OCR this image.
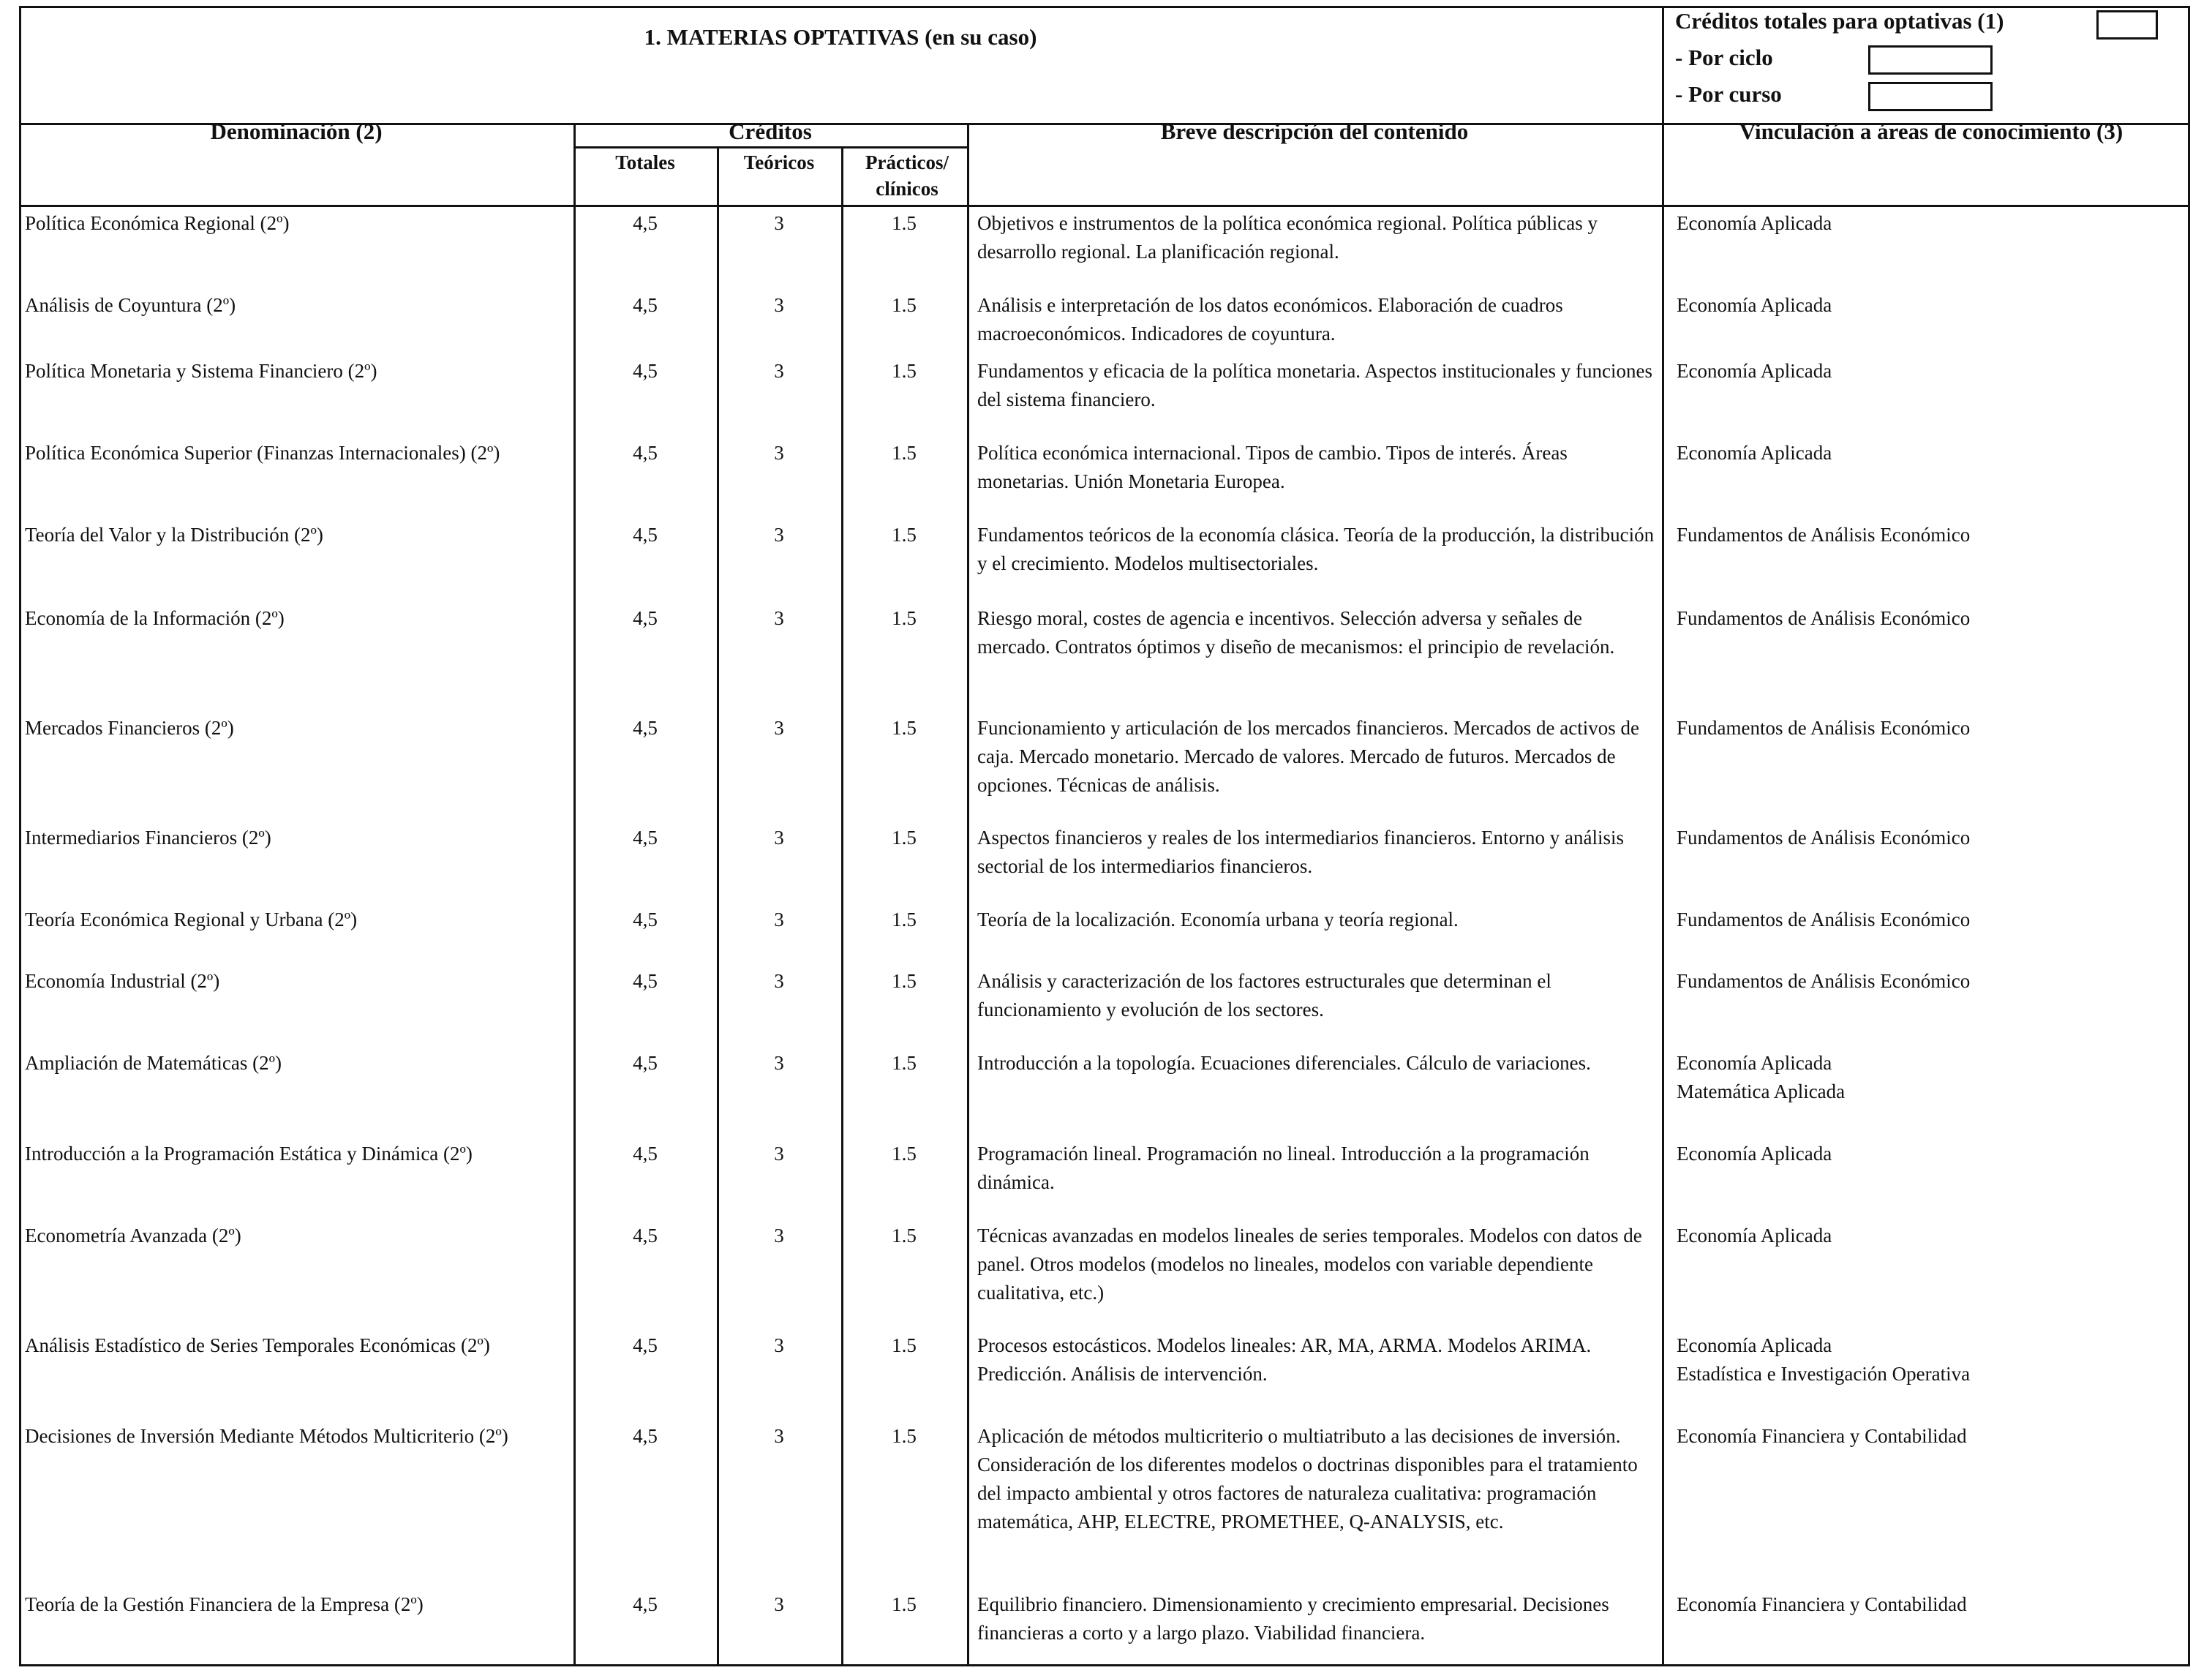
1. MATERIAS OPTATIVAS (en su caso)
Créditos totales para optativas (1)
- Por ciclo
- Por curso
Denominación (2)	Créditos
Totales	Teóricos	Prácticos/ clínicos
Breve descripción del contenido	Vinculación a áreas de conocimiento (3)
Política Económica Regional (2º)	4,5	3	1.5	Objetivos e instrumentos de la política económica regional. Política públicas y desarrollo regional. La planificación regional.
Economía Aplicada
Análisis de Coyuntura (2º)	4,5	3	1.5	Análisis e interpretación de los datos económicos. Elaboración de cuadros macroeconómicos. Indicadores de coyuntura.
Economía Aplicada
Política Monetaria y Sistema Financiero (2º)	4,5	3	1.5	Fundamentos y eficacia de la política monetaria. Aspectos institucionales y funciones del sistema financiero.
Economía Aplicada
Política Económica Superior (Finanzas Internacionales) (2º)	4,5	3	1.5	Política económica internacional. Tipos de cambio. Tipos de interés. Áreas monetarias. Unión Monetaria Europea.
Economía Aplicada
Teoría del Valor y la Distribución (2º)	4,5	3	1.5	Fundamentos teóricos de la economía clásica. Teoría de la producción, la distribución y el crecimiento. Modelos multisectoriales.
Fundamentos de Análisis Económico
Economía de la Información (2º)	4,5	3	1.5	Riesgo moral, costes de agencia e incentivos. Selección adversa y señales de mercado. Contratos óptimos y diseño de mecanismos: el principio de revelación.
Fundamentos de Análisis Económico
Mercados Financieros (2º)	4,5	3	1.5	Funcionamiento y articulación de los mercados financieros. Mercados de activos de caja. Mercado monetario. Mercado de valores. Mercado de futuros. Mercados de opciones. Técnicas de análisis.
Fundamentos de Análisis Económico
Intermediarios Financieros (2º)	4,5	3	1.5	Aspectos financieros y reales de los intermediarios financieros. Entorno y análisis sectorial de los intermediarios financieros.
Fundamentos de Análisis Económico
Teoría Económica Regional y Urbana (2º)	4,5	3	1.5	Teoría de la localización. Economía urbana y teoría regional.	Fundamentos de Análisis Económico
Economía Industrial (2º)	4,5	3	1.5	Análisis y caracterización de los factores estructurales que determinan el funcionamiento y evolución de los sectores.
Fundamentos de Análisis Económico
Ampliación de Matemáticas (2º)	4,5	3	1.5	Introducción a la topología. Ecuaciones diferenciales. Cálculo de variaciones.	Economía Aplicada
Matemática Aplicada
Introducción a la Programación Estática y Dinámica (2º)	4,5	3	1.5	Programación lineal. Programación no lineal. Introducción a la programación dinámica.
Economía Aplicada
Econometría Avanzada (2º)	4,5	3	1.5	Técnicas avanzadas en modelos lineales de series temporales. Modelos con datos de panel. Otros modelos (modelos no lineales, modelos con variable dependiente cualitativa, etc.)
Economía Aplicada
Análisis Estadístico de Series Temporales Económicas (2º)	4,5	3	1.5	Procesos estocásticos. Modelos lineales: AR, MA, ARMA. Modelos ARIMA. Predicción. Análisis de intervención.
Economía Aplicada
Estadística e Investigación Operativa
Decisiones de Inversión Mediante Métodos Multicriterio (2º)	4,5	3	1.5	Aplicación de métodos multicriterio o multiatributo a las decisiones de inversión. Consideración de los diferentes modelos o doctrinas disponibles para el tratamiento del impacto ambiental y otros factores de naturaleza cualitativa: programación matemática, AHP, ELECTRE, PROMETHEE, Q-ANALYSIS, etc.
Economía Financiera y Contabilidad
Teoría de la Gestión Financiera de la Empresa (2º)	4,5	3	1.5	Equilibrio financiero. Dimensionamiento y crecimiento empresarial. Decisiones financieras a corto y a largo plazo. Viabilidad financiera.
Economía Financiera y Contabilidad
